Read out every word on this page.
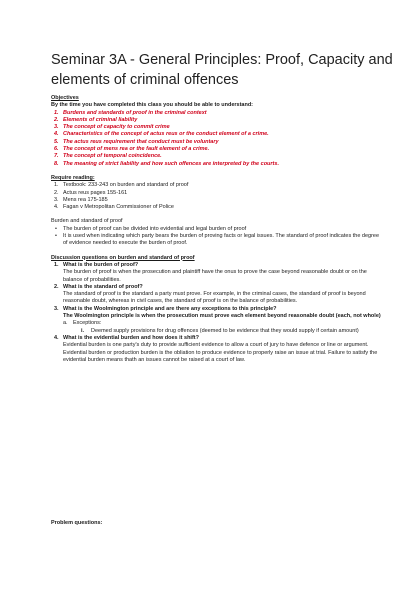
Seminar 3A - General Principles: Proof, Capacity and
elements of criminal offences
Objectives
By the time you have completed this class you should be able to understand:
1. Burdens and standards of proof in the criminal context
2. Elements of criminal liability
3. The concept of capacity to commit crime
4. Characteristics of the concept of actus reus or the conduct element of a crime.
5. The actus reus requirement that conduct must be voluntary
6. The concept of mens rea or the fault element of a crime.
7. The concept of temporal coincidence.
8. The meaning of strict liability and how such offences are interpreted by the courts.
Require reading:
1. Textbook: 233-243 on burden and standard of proof
2. Actus reus pages 155-161
3. Mens rea 175-185
4. Fagan v Metropolitan Commissioner of Police
Burden and standard of proof
• The burden of proof can be divided into evidential and legal burden of proof
• It is used when indicating which party bears the burden of proving facts or legal issues. The standard of proof indicates the degree of evidence needed to execute the burden of proof.
Discussion questions on burden and standard of proof
1. What is the burden of proof?
The burden of proof is when the prosecution and plaintiff have the onus to prove the case beyond reasonable doubt or on the balance of probabilities.
2. What is the standard of proof?
The standard of proof is the standard a party must prove. For example, in the criminal cases, the standard of proof is beyond reasonable doubt, whereas in civil cases, the standard of proof is on the balance of probabilities.
3. What is the Woolmington principle and are there any exceptions to this principle?
The Woolmington principle is when the prosecution must prove each element beyond reasonable doubt (each, not whole)
a. Exceptions:
i. Deemed supply provisions for drug offences (deemed to be evidence that they would supply if certain amount)
4. What is the evidential burden and how does it shift?
Evidential burden is one party's duty to provide sufficient evidence to allow a court of jury to have defence or line or argument. Evidential burden or production burden is the obliation to produce evidence to properly raise an issue at trial. Failure to satisfy the evidential burden means thath an issues cannot be raised at a court of law.
Problem questions:
